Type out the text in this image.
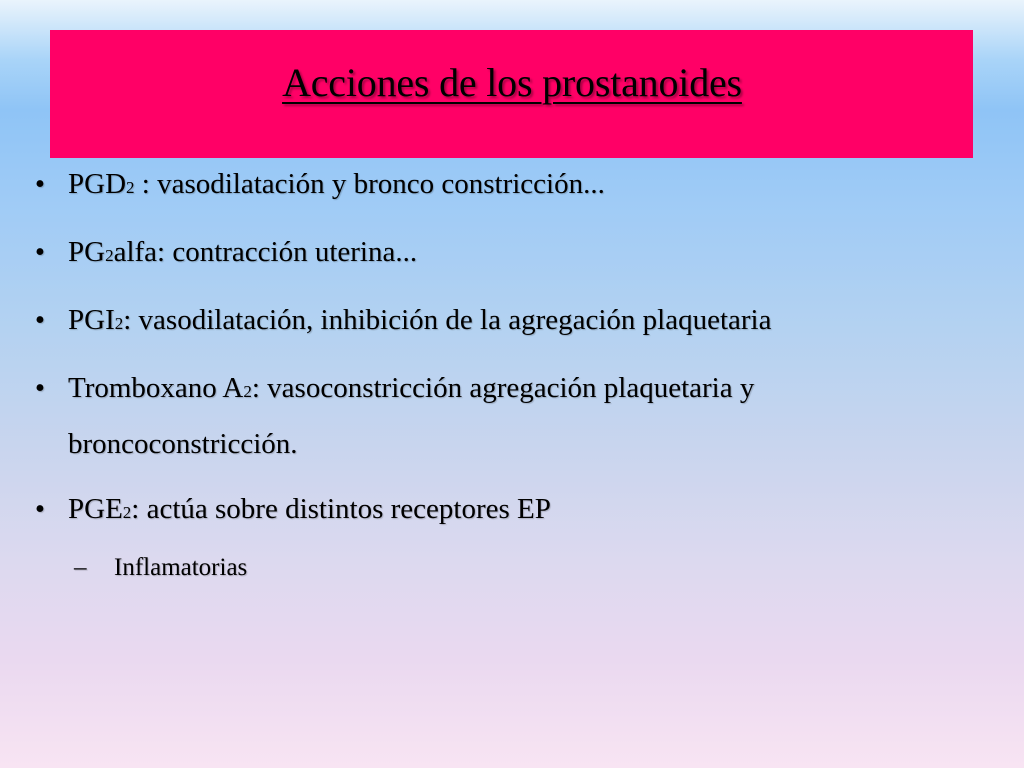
Acciones de los prostanoides
• PGD2 : vasodilatación y bronco constricción...
• PG2alfa: contracción uterina...
• PGI2: vasodilatación, inhibición de la agregación plaquetaria
• Tromboxano A2: vasoconstricción agregación plaquetaria y broncoconstricción.
• PGE2: actúa sobre distintos receptores EP
– Inflamatorias
